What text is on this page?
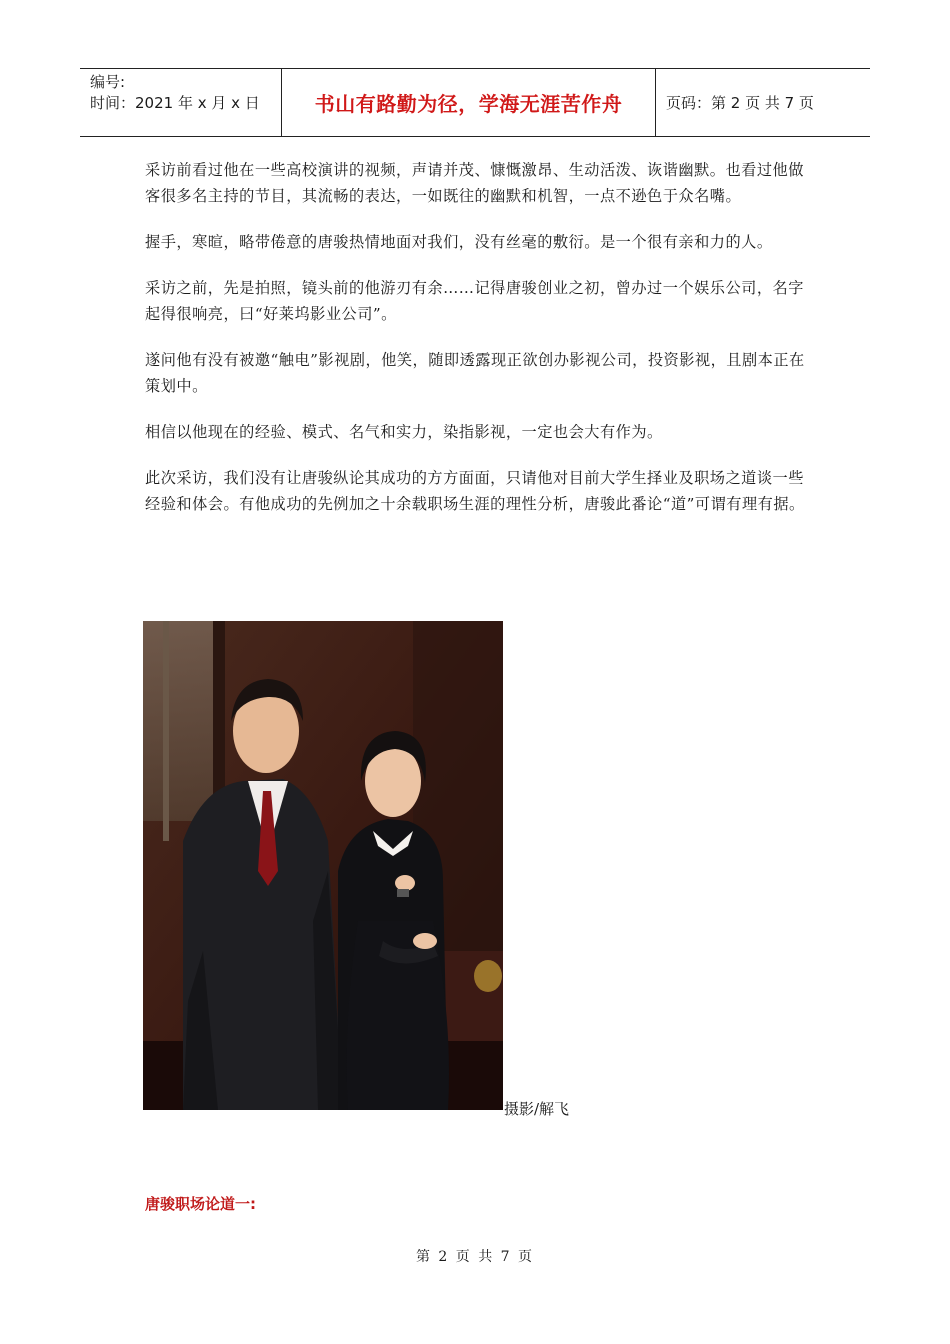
编号:
时间：2021 年 x 月 x 日	书山有路勤为径，学海无涯苦作舟	页码：第 2 页 共 7 页

采访前看过他在一些高校演讲的视频，声请并茂、慷慨激昂、生动活泼、诙谐幽默。也看过他做客很多名主持的节目，其流畅的表达，一如既往的幽默和机智，一点不逊色于众名嘴。

握手，寒暄，略带倦意的唐骏热情地面对我们，没有丝毫的敷衍。是一个很有亲和力的人。

采访之前，先是拍照，镜头前的他游刃有余……记得唐骏创业之初，曾办过一个娱乐公司，名字起得很响亮，曰“好莱坞影业公司”。

遂问他有没有被邀“触电”影视剧，他笑，随即透露现正欲创办影视公司，投资影视，且剧本正在策划中。

相信以他现在的经验、模式、名气和实力，染指影视，一定也会大有作为。

此次采访，我们没有让唐骏纵论其成功的方方面面，只请他对目前大学生择业及职场之道谈一些经验和体会。有他成功的先例加之十余载职场生涯的理性分析，唐骏此番论“道”可谓有理有据。

摄影/解飞
唐骏职场论道一:
第 2 页 共 7 页
